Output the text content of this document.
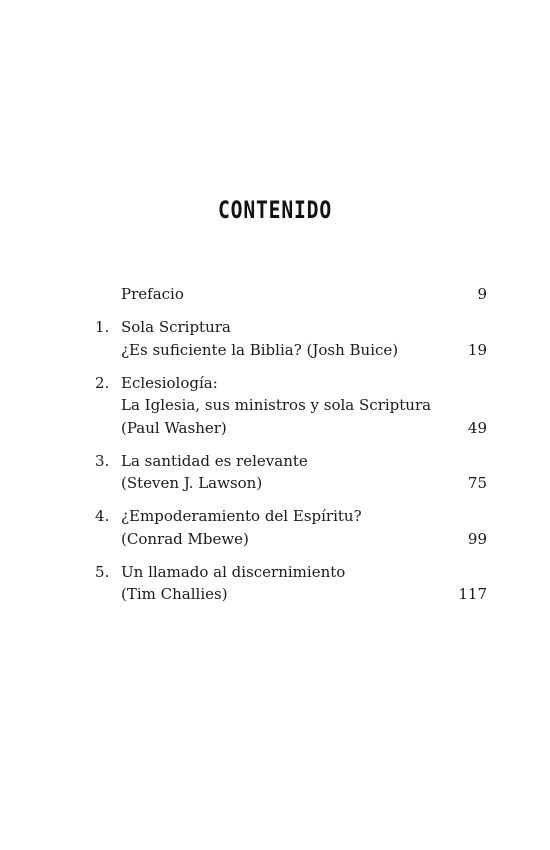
CONTENIDO
Prefacio	9
1. Sola Scriptura
¿Es suficiente la Biblia? (Josh Buice)	19
2. Eclesiología:
La Iglesia, sus ministros y sola Scriptura
(Paul Washer)	49
3. La santidad es relevante
(Steven J. Lawson)	75
4. ¿Empoderamiento del Espíritu?
(Conrad Mbewe)	99
5. Un llamado al discernimiento
(Tim Challies)	117
